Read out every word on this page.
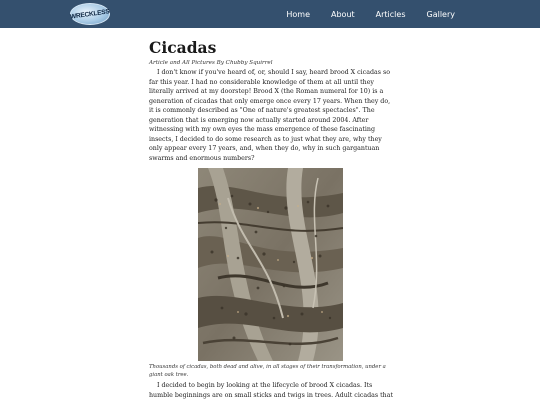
WRECKLESS	Home	About	Articles	Gallery
Cicadas
Article and All Pictures By Chubby Squirrel

I don't know if you've heard of, or, should I say, heard brood X cicadas so far this year. I had no considerable knowledge of them at all until they literally arrived at my doorstep! Brood X (the Roman numeral for 10) is a generation of cicadas that only emerge once every 17 years. When they do, it is commonly described as "One of nature's greatest spectacles". The generation that is emerging now actually started around 2004. After witnessing with my own eyes the mass emergence of these fascinating insects, I decided to do some research as to just what they are, why they only appear every 17 years, and, when they do, why in such gargantuan swarms and enormous numbers?

Thousands of cicadas, both dead and alive, in all stages of their transformation, under a giant oak tree.

I decided to begin by looking at the lifecycle of brood X cicadas. Its humble beginnings are on small sticks and twigs in trees. Adult cicadas that
